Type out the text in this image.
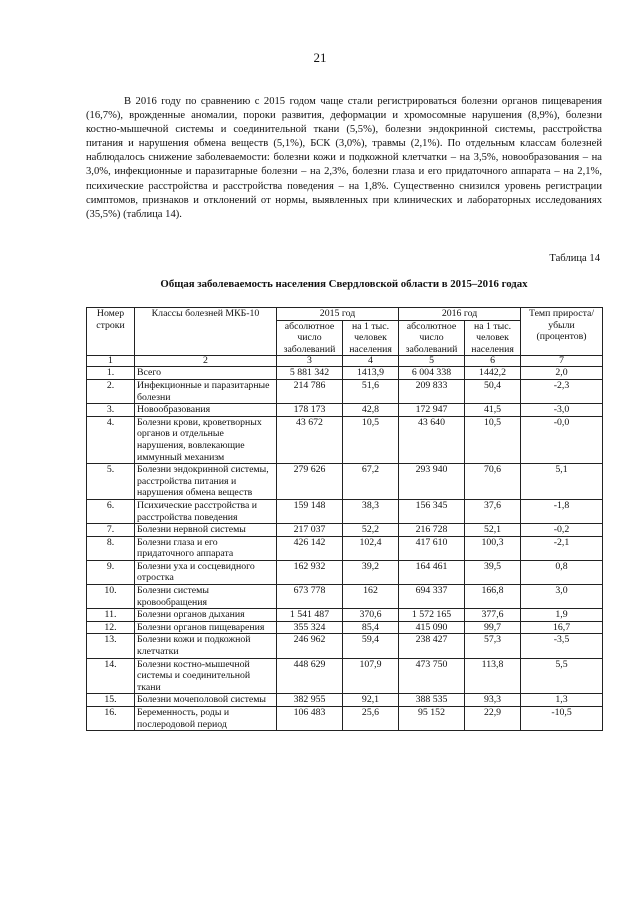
21

В 2016 году по сравнению с 2015 годом чаще стали регистрироваться болезни органов пищеварения (16,7%), врожденные аномалии, пороки развития, деформации и хромосомные нарушения (8,9%), болезни костно-мышечной системы и соединительной ткани (5,5%), болезни эндокринной системы, расстройства питания и нарушения обмена веществ (5,1%), БСК (3,0%), травмы (2,1%). По отдельным классам болезней наблюдалось снижение заболеваемости: болезни кожи и подкожной клетчатки – на 3,5%, новообразования – на 3,0%, инфекционные и паразитарные болезни – на 2,3%, болезни глаза и его придаточного аппарата – на 2,1%, психические расстройства и расстройства поведения – на 1,8%. Существенно снизился уровень регистрации симптомов, признаков и отклонений от нормы, выявленных при клинических и лабораторных исследованиях (35,5%) (таблица 14).

Таблица 14
Общая заболеваемость населения Свердловской области в 2015–2016 годах
Номер строки	Классы болезней МКБ-10	2015 год		2016 год		Темп прироста/ убыли (процентов)
		абсолютное число заболеваний	на 1 тыс. человек населения	абсолютное число заболеваний	на 1 тыс. человек населения	
1	2	3	4	5	6	7
1.	Всего	5 881 342	1413,9	6 004 338	1442,2	2,0
2.	Инфекционные и паразитарные болезни	214 786	51,6	209 833	50,4	-2,3
3.	Новообразования	178 173	42,8	172 947	41,5	-3,0
4.	Болезни крови, кроветворных органов и отдельные нарушения, вовлекающие иммунный механизм	43 672	10,5	43 640	10,5	-0,0
5.	Болезни эндокринной системы, расстройства питания и нарушения обмена веществ	279 626	67,2	293 940	70,6	5,1
6.	Психические расстройства и расстройства поведения	159 148	38,3	156 345	37,6	-1,8
7.	Болезни нервной системы	217 037	52,2	216 728	52,1	-0,2
8.	Болезни глаза и его придаточного аппарата	426 142	102,4	417 610	100,3	-2,1
9.	Болезни уха и сосцевидного отростка	162 932	39,2	164 461	39,5	0,8
10.	Болезни системы кровообращения	673 778	162	694 337	166,8	3,0
11.	Болезни органов дыхания	1 541 487	370,6	1 572 165	377,6	1,9
12.	Болезни органов пищеварения	355 324	85,4	415 090	99,7	16,7
13.	Болезни кожи и подкожной клетчатки	246 962	59,4	238 427	57,3	-3,5
14.	Болезни костно-мышечной системы и соединительной ткани	448 629	107,9	473 750	113,8	5,5
15.	Болезни мочеполовой системы	382 955	92,1	388 535	93,3	1,3
16.	Беременность, роды и послеродовой период	106 483	25,6	95 152	22,9	-10,5
